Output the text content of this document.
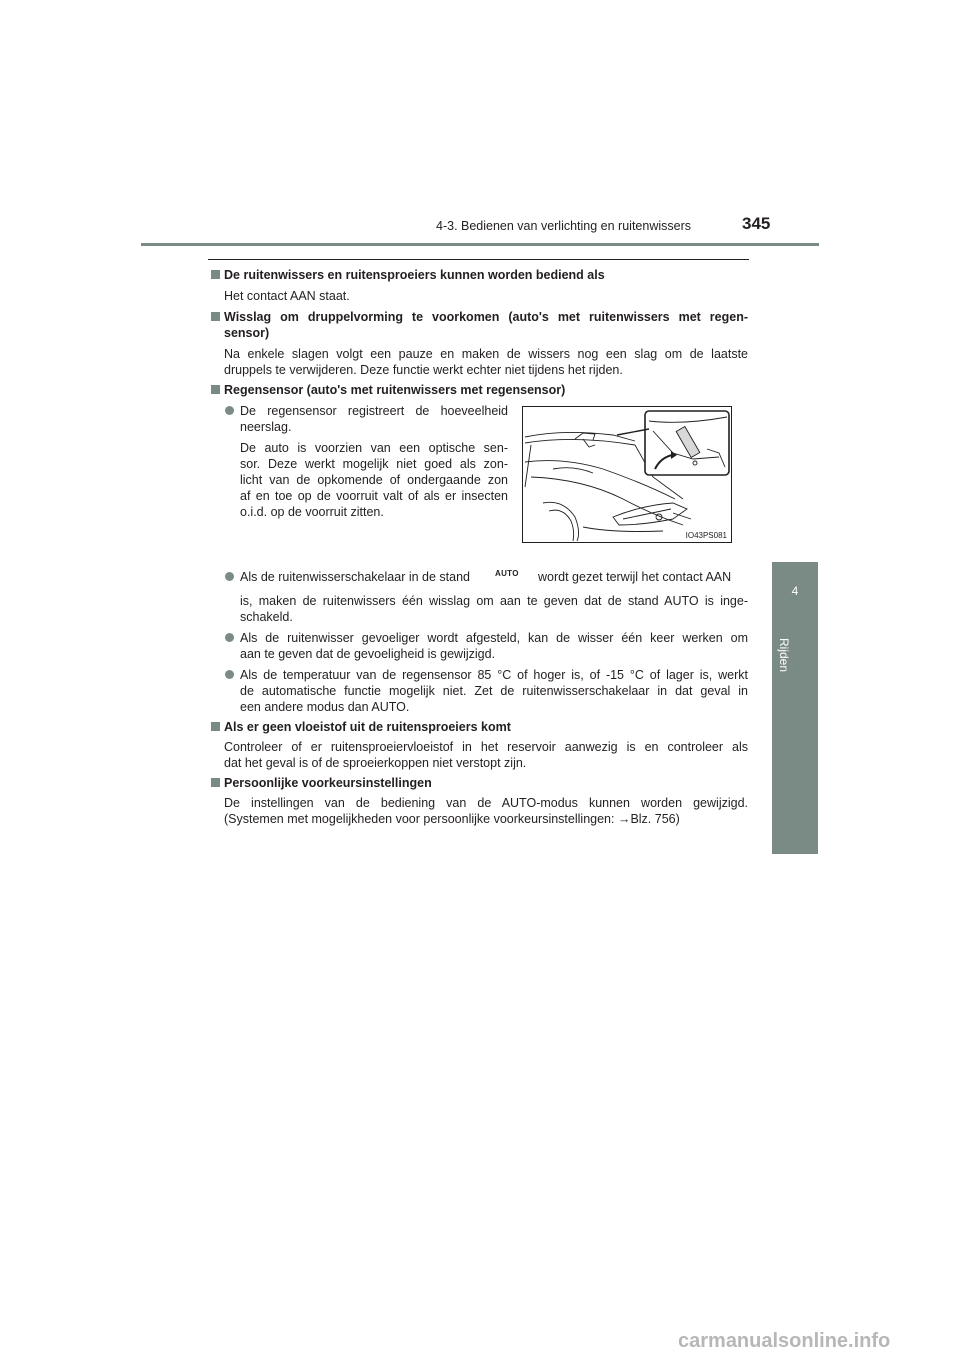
4-3. Bedienen van verlichting en ruitenwissers	345
4
Rijden

De ruitenwissers en ruitensproeiers kunnen worden bediend als

Het contact AAN staat.

Wisslag om druppelvorming te voorkomen (auto's met ruitenwissers met regen-

sensor)

Na enkele slagen volgt een pauze en maken de wissers nog een slag om de laatste

druppels te verwijderen. Deze functie werkt echter niet tijdens het rijden.

Regensensor (auto's met ruitenwissers met regensensor)

De regensensor registreert de hoeveelheid

neerslag.

De auto is voorzien van een optische sen-

sor. Deze werkt mogelijk niet goed als zon-

licht van de opkomende of ondergaande zon

af en toe op de voorruit valt of als er insecten

o.i.d. op de voorruit zitten.

IO43PS081

Als de ruitenwisserschakelaar in de stand	AUTO wordt gezet terwijl het contact AAN

is, maken de ruitenwissers één wisslag om aan te geven dat de stand AUTO is inge-

schakeld.

Als de ruitenwisser gevoeliger wordt afgesteld, kan de wisser één keer werken om

aan te geven dat de gevoeligheid is gewijzigd.

Als de temperatuur van de regensensor 85 °C of hoger is, of -15 °C of lager is, werkt

de automatische functie mogelijk niet. Zet de ruitenwisserschakelaar in dat geval in

een andere modus dan AUTO.

Als er geen vloeistof uit de ruitensproeiers komt

Controleer of er ruitensproeiervloeistof in het reservoir aanwezig is en controleer als

dat het geval is of de sproeierkoppen niet verstopt zijn.

Persoonlijke voorkeursinstellingen

De instellingen van de bediening van de AUTO-modus kunnen worden gewijzigd.

(Systemen met mogelijkheden voor persoonlijke voorkeursinstellingen: →Blz. 756)

carmanualsonline.info
